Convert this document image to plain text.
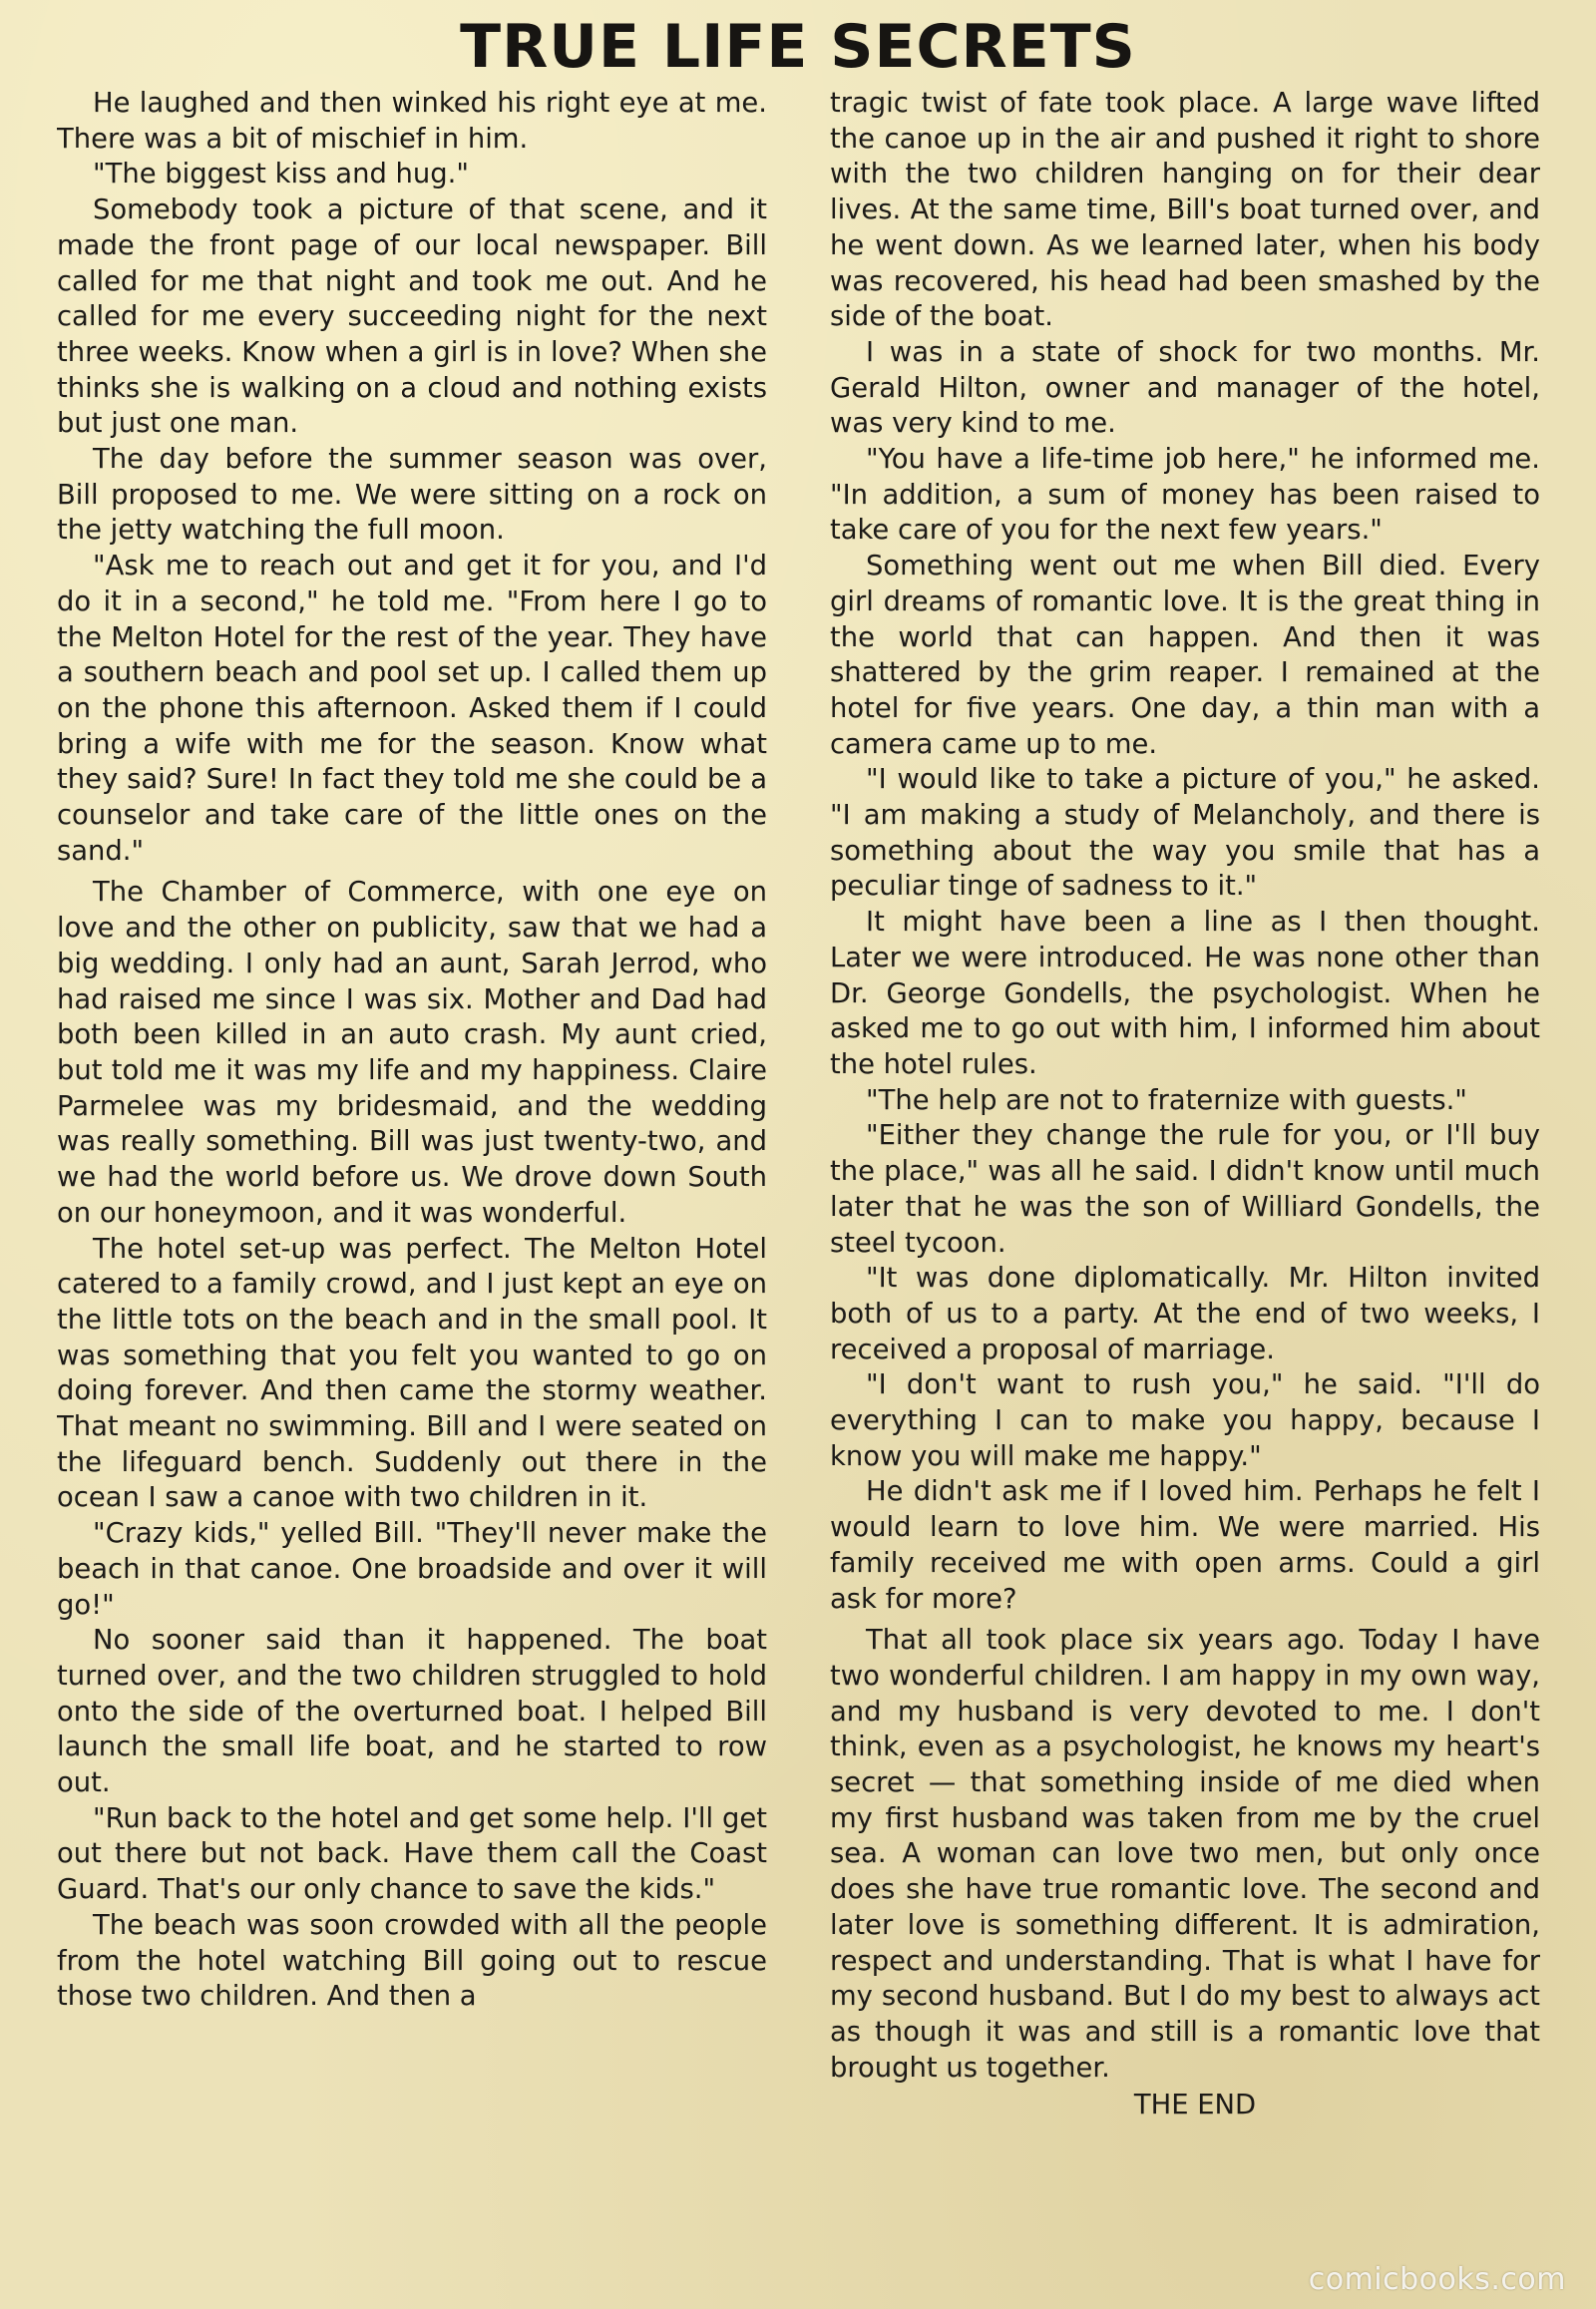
TRUE LIFE SECRETS

He laughed and then winked his right eye at me. There was a bit of mischief in him.

"The biggest kiss and hug."

Somebody took a picture of that scene, and it made the front page of our local newspaper. Bill called for me that night and took me out. And he called for me every succeeding night for the next three weeks. Know when a girl is in love? When she thinks she is walking on a cloud and nothing exists but just one man.

The day before the summer season was over, Bill proposed to me. We were sitting on a rock on the jetty watching the full moon.

"Ask me to reach out and get it for you, and I'd do it in a second," he told me. "From here I go to the Melton Hotel for the rest of the year. They have a southern beach and pool set up. I called them up on the phone this afternoon. Asked them if I could bring a wife with me for the season. Know what they said? Sure! In fact they told me she could be a counselor and take care of the little ones on the sand."

The Chamber of Commerce, with one eye on love and the other on publicity, saw that we had a big wedding. I only had an aunt, Sarah Jerrod, who had raised me since I was six. Mother and Dad had both been killed in an auto crash. My aunt cried, but told me it was my life and my happiness. Claire Parmelee was my bridesmaid, and the wedding was really something. Bill was just twenty-two, and we had the world before us. We drove down South on our honeymoon, and it was wonderful.

The hotel set-up was perfect. The Melton Hotel catered to a family crowd, and I just kept an eye on the little tots on the beach and in the small pool. It was something that you felt you wanted to go on doing forever. And then came the stormy weather. That meant no swimming. Bill and I were seated on the lifeguard bench. Suddenly out there in the ocean I saw a canoe with two children in it.

"Crazy kids," yelled Bill. "They'll never make the beach in that canoe. One broadside and over it will go!"

No sooner said than it happened. The boat turned over, and the two children struggled to hold onto the side of the overturned boat. I helped Bill launch the small life boat, and he started to row out.

"Run back to the hotel and get some help. I'll get out there but not back. Have them call the Coast Guard. That's our only chance to save the kids."

The beach was soon crowded with all the people from the hotel watching Bill going out to rescue those two children. And then a

tragic twist of fate took place. A large wave lifted the canoe up in the air and pushed it right to shore with the two children hanging on for their dear lives. At the same time, Bill's boat turned over, and he went down. As we learned later, when his body was recovered, his head had been smashed by the side of the boat.

I was in a state of shock for two months. Mr. Gerald Hilton, owner and manager of the hotel, was very kind to me.

"You have a life-time job here," he informed me. "In addition, a sum of money has been raised to take care of you for the next few years."

Something went out me when Bill died. Every girl dreams of romantic love. It is the great thing in the world that can happen. And then it was shattered by the grim reaper. I remained at the hotel for five years. One day, a thin man with a camera came up to me.

"I would like to take a picture of you," he asked. "I am making a study of Melancholy, and there is something about the way you smile that has a peculiar tinge of sadness to it."

It might have been a line as I then thought. Later we were introduced. He was none other than Dr. George Gondells, the psychologist. When he asked me to go out with him, I informed him about the hotel rules.

"The help are not to fraternize with guests."

"Either they change the rule for you, or I'll buy the place," was all he said. I didn't know until much later that he was the son of Williard Gondells, the steel tycoon.

"It was done diplomatically. Mr. Hilton invited both of us to a party. At the end of two weeks, I received a proposal of marriage.

"I don't want to rush you," he said. "I'll do everything I can to make you happy, because I know you will make me happy."

He didn't ask me if I loved him. Perhaps he felt I would learn to love him. We were married. His family received me with open arms. Could a girl ask for more?

That all took place six years ago. Today I have two wonderful children. I am happy in my own way, and my husband is very devoted to me. I don't think, even as a psychologist, he knows my heart's secret — that something inside of me died when my first husband was taken from me by the cruel sea. A woman can love two men, but only once does she have true romantic love. The second and later love is something different. It is admiration, respect and understanding. That is what I have for my second husband. But I do my best to always act as though it was and still is a romantic love that brought us together.

THE END

comicbooks.com
